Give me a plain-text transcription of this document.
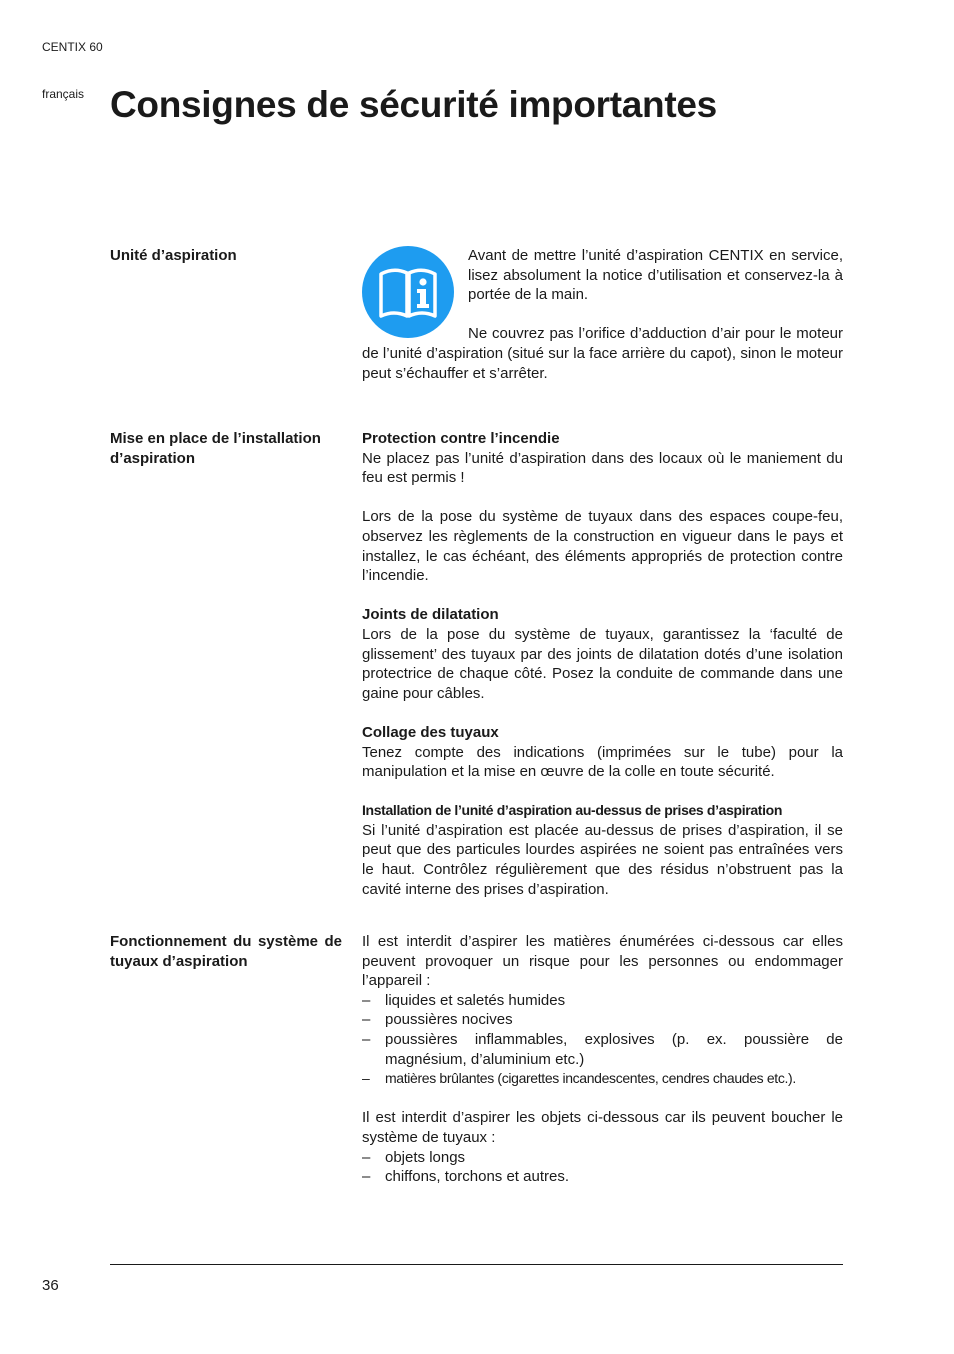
CENTIX 60
français Consignes de sécurité importantes
Unité d’aspiration	Avant de mettre l’unité d’aspiration CENTIX en service, lisez absolument la notice d’utilisation et conservez-la à portée de la main.

Ne couvrez pas l’orifice d’adduction d’air pour le moteur de l’unité d’aspiration (situé sur la face arrière du capot), sinon le moteur peut s’échauffer et s’arrêter.

Mise en place de l’installation d’aspiration
Protection contre l’incendie

Ne placez pas l’unité d’aspiration dans des locaux où le maniement du feu est permis !

Lors de la pose du système de tuyaux dans des espaces coupe-feu, observez les règlements de la construction en vigueur dans le pays et installez, le cas échéant, des éléments appropriés de protection contre l’incendie.

Joints de dilatation

Lors de la pose du système de tuyaux, garantissez la ‘faculté de glissement’ des tuyaux par des joints de dilatation dotés d’une isolation protectrice de chaque côté. Posez la conduite de commande dans une gaine pour câbles.

Collage des tuyaux

Tenez compte des indications (imprimées sur le tube) pour la manipulation et la mise en œuvre de la colle en toute sécurité.

Installation de l’unité d’aspiration au-dessus de prises d’aspiration

Si l’unité d’aspiration est placée au-dessus de prises d’aspiration, il se peut que des particules lourdes aspirées ne soient pas entraînées vers le haut. Contrôlez régulièrement que des résidus n’obstruent pas la cavité interne des prises d’aspiration.

Fonctionnement du système de tuyaux d’aspiration

Il est interdit d’aspirer les matières énumérées ci-dessous car elles peuvent provoquer un risque pour les personnes ou endommager l’appareil :

– liquides et saletés humides
– poussières nocives
– poussières inflammables, explosives (p. ex. poussière de magnésium, d’aluminium etc.)
– matières brûlantes (cigarettes incandescentes, cendres chaudes etc.).

Il est interdit d’aspirer les objets ci-dessous car ils peuvent boucher le système de tuyaux :

– objets longs
– chiffons, torchons et autres.
36
